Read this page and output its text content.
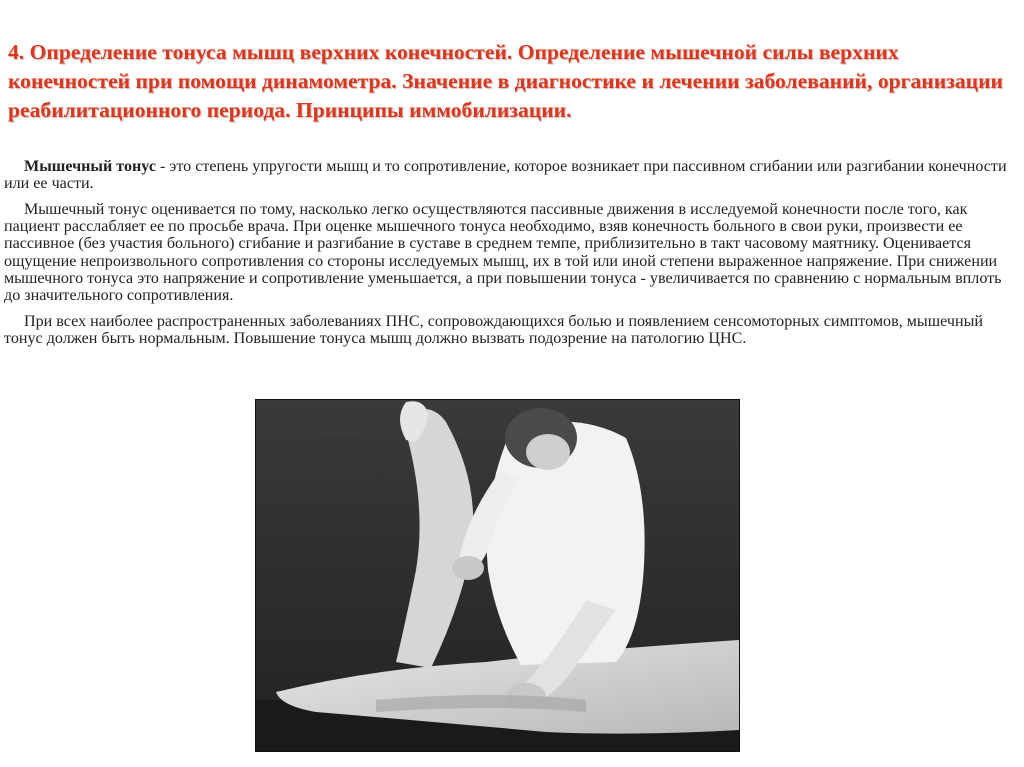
4. Определение тонуса мышц верхних конечностей. Определение мышечной силы верхних конечностей при помощи динамометра. Значение в диагностике и лечении заболеваний, организации реабилитационного периода. Принципы иммобилизации.

Мышечный тонус - это степень упругости мышц и то сопротивление, которое возникает при пассивном сгибании или разгибании конечности или ее части.

Мышечный тонус оценивается по тому, насколько легко осуществляются пассивные движения в исследуемой конечности после того, как пациент расслабляет ее по просьбе врача. При оценке мышечного тонуса необходимо, взяв конечность больного в свои руки, произвести ее пассивное (без участия больного) сгибание и разгибание в суставе в среднем темпе, приблизительно в такт часовому маятнику. Оценивается ощущение непроизвольного сопротивления со стороны исследуемых мышц, их в той или иной степени выраженное напряжение. При снижении мышечного тонуса это напряжение и сопротивление уменьшается, а при повышении тонуса - увеличивается по сравнению с нормальным вплоть до значительного сопротивления.

При всех наиболее распространенных заболеваниях ПНС, сопровождающихся болью и появлением сенсомоторных симптомов, мышечный тонус должен быть нормальным. Повышение тонуса мышц должно вызвать подозрение на патологию ЦНС.
